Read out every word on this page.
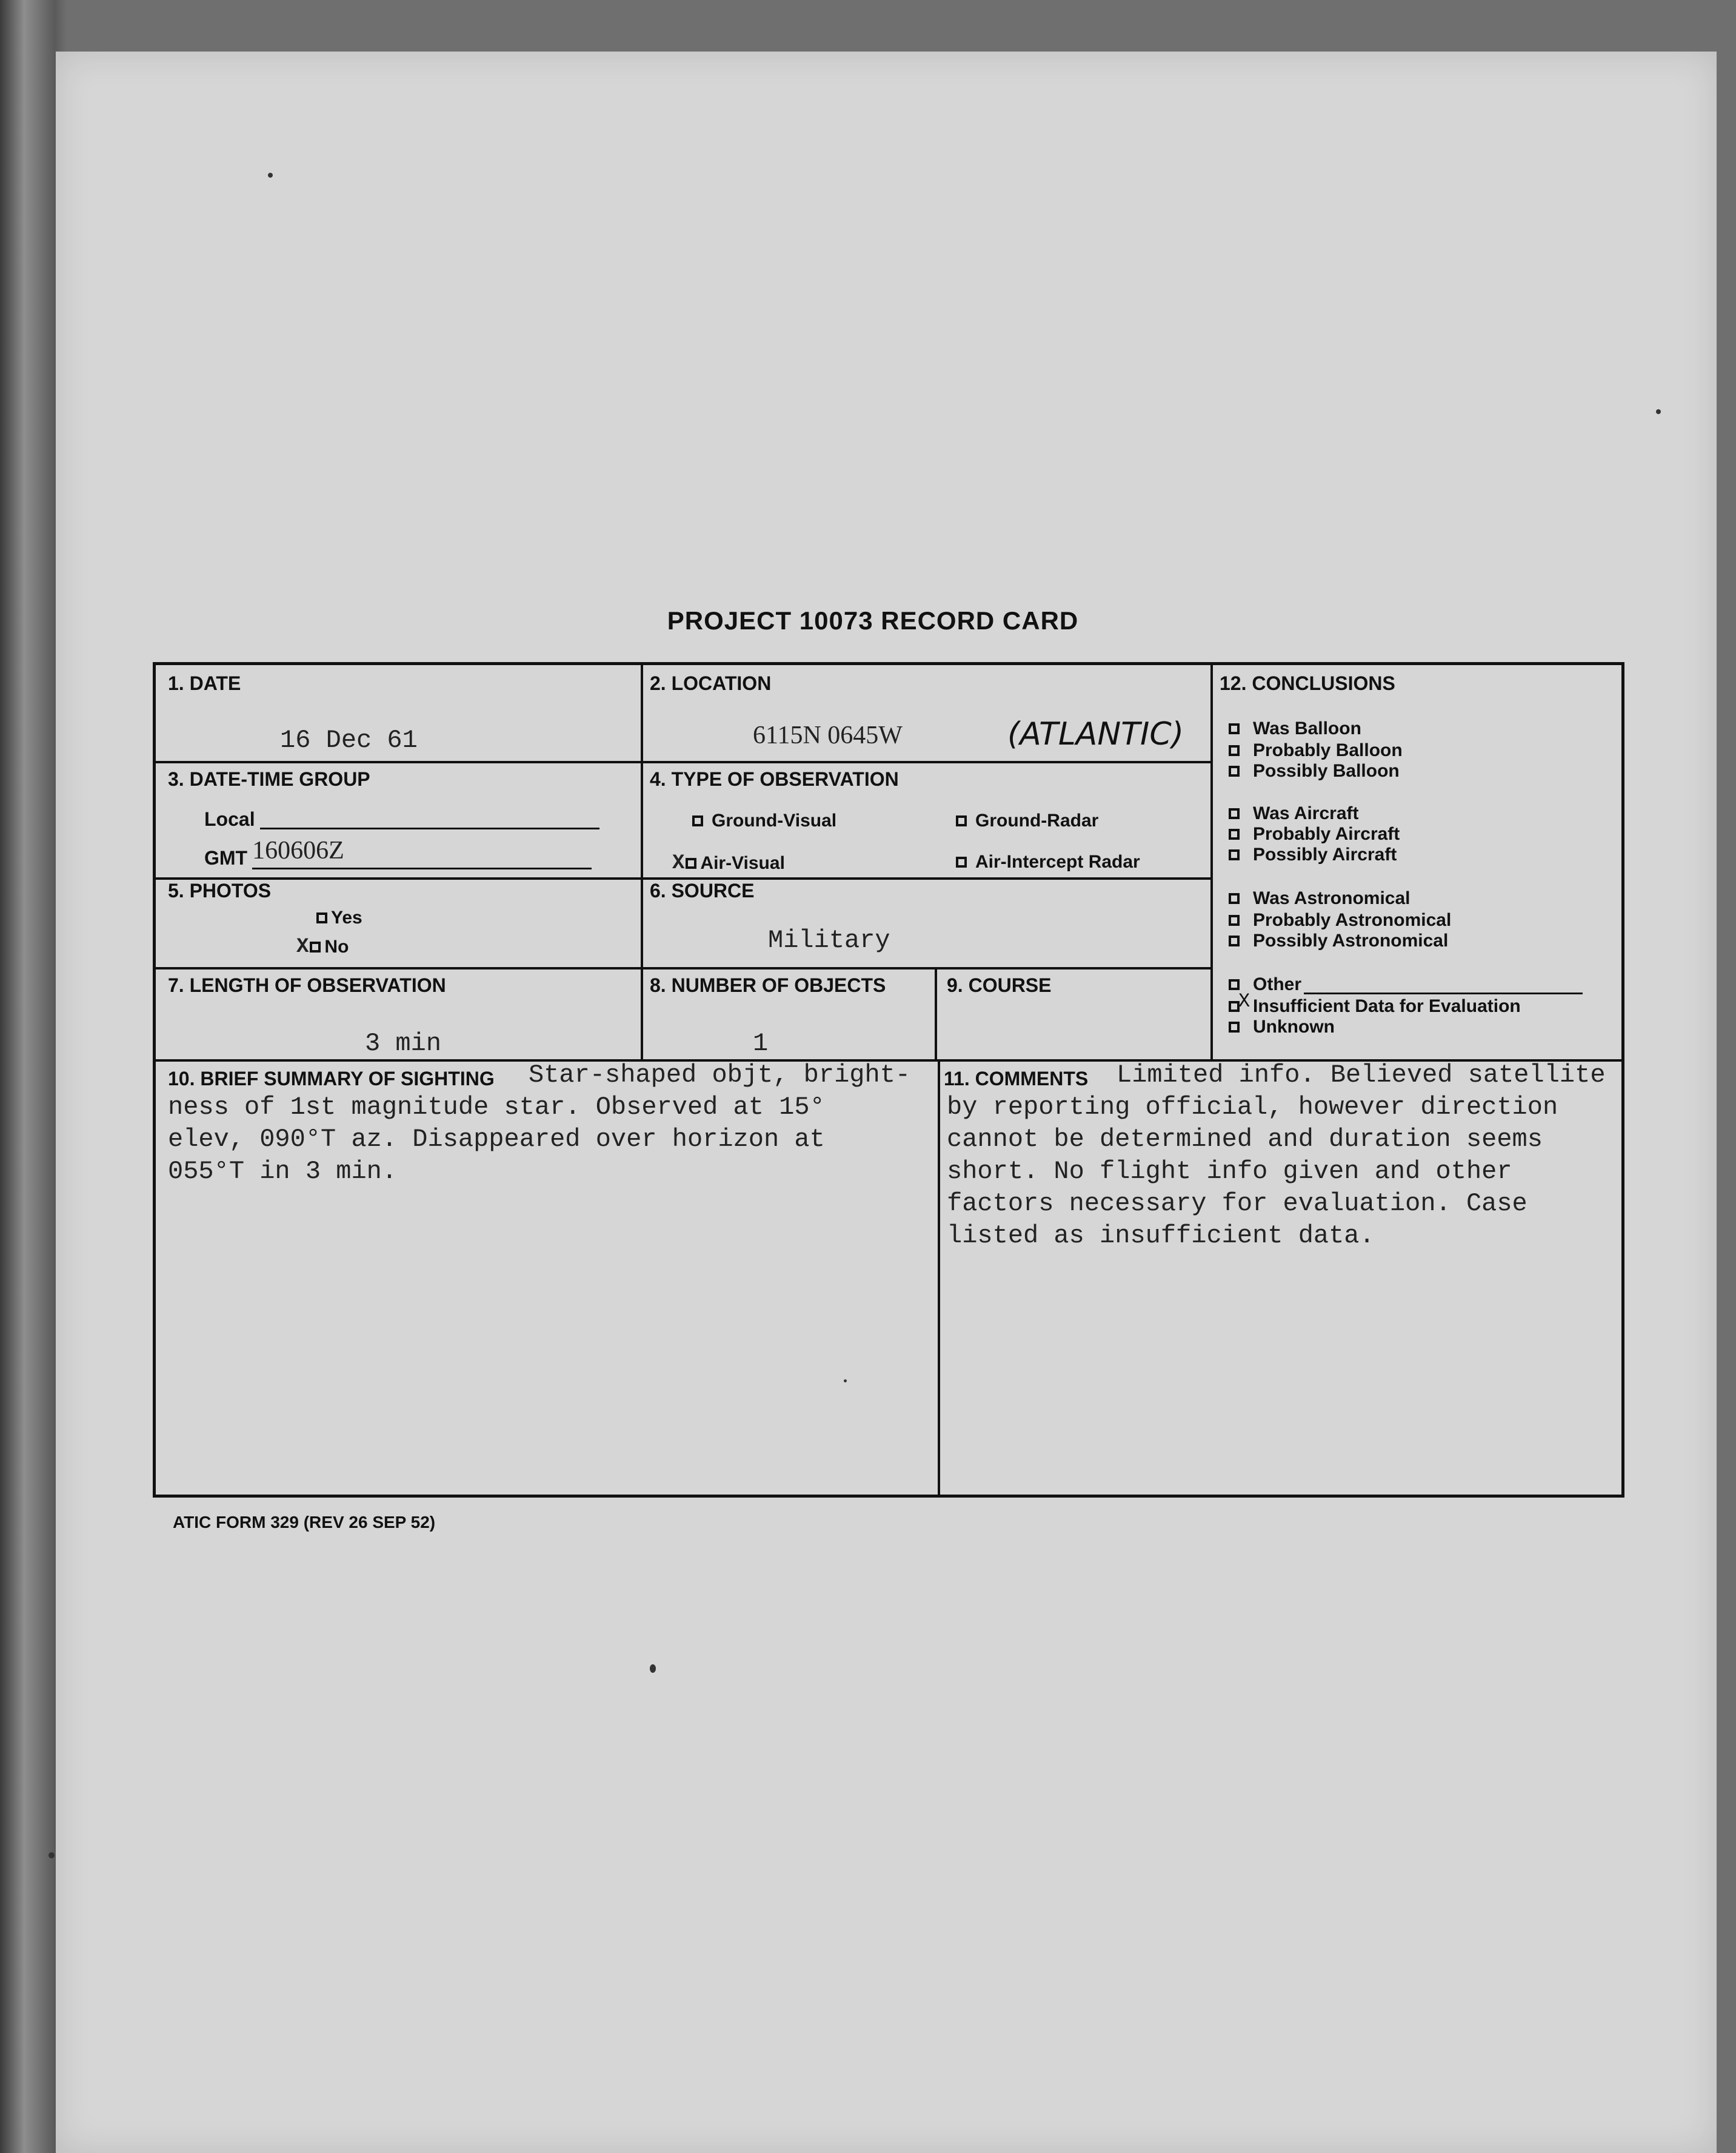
PROJECT 10073 RECORD CARD
1. DATE
16 Dec 61
2. LOCATION
6115N 0645W	(ATLANTIC)
3. DATE-TIME GROUP
Local
GMT 160606Z
4. TYPE OF OBSERVATION
Ground-Visual	Ground-Radar
X Air-Visual	Air-Intercept Radar
5. PHOTOS
Yes
X No
6. SOURCE
Military
7. LENGTH OF OBSERVATION
3 min
8. NUMBER OF OBJECTS
1
9. COURSE
12. CONCLUSIONS
Was Balloon
Probably Balloon
Possibly Balloon
Was Aircraft
Probably Aircraft
Possibly Aircraft
Was Astronomical
Probably Astronomical
Possibly Astronomical
Other
X Insufficient Data for Evaluation
Unknown
10. BRIEF SUMMARY OF SIGHTING Star-shaped objt, bright-
ness of 1st magnitude star. Observed at 15°
elev, 090°T az. Disappeared over horizon at
055°T in 3 min.
11. COMMENTS Limited info. Believed satellite
by reporting official, however direction
cannot be determined and duration seems
short. No flight info given and other
factors necessary for evaluation. Case
listed as insufficient data.
ATIC FORM 329 (REV 26 SEP 52)
